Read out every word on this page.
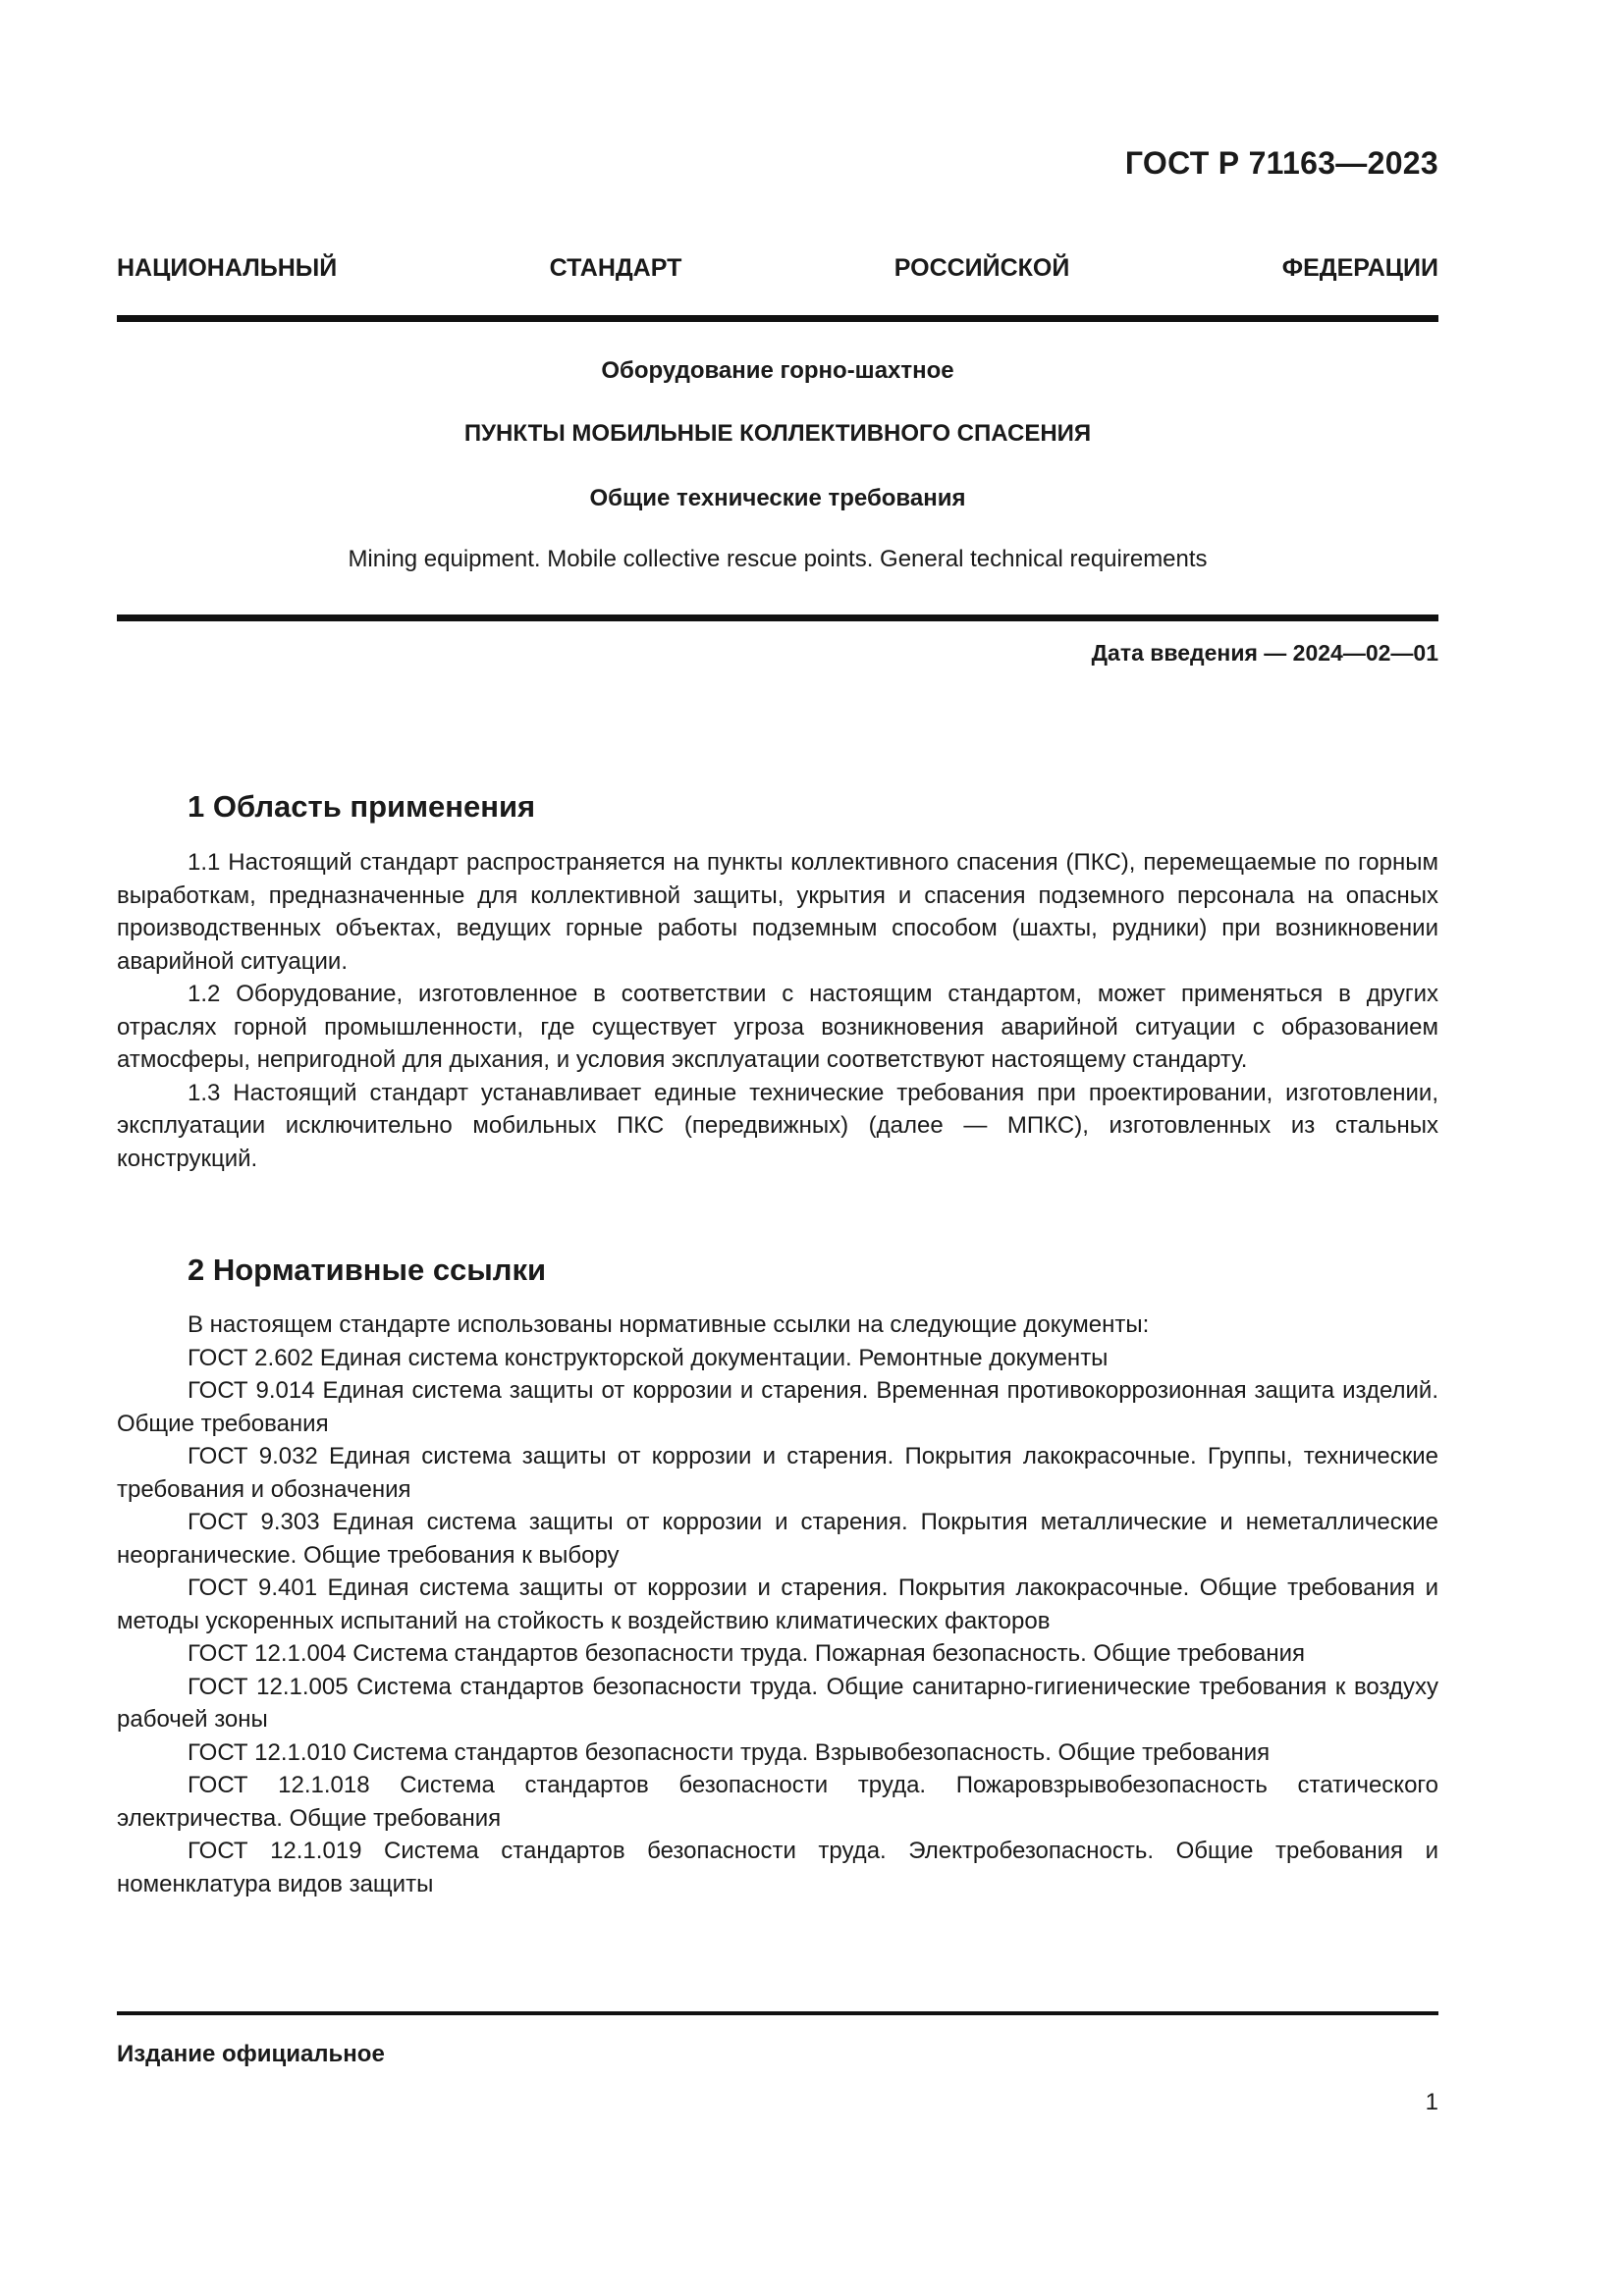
ГОСТ Р 71163—2023
НАЦИОНАЛЬНЫЙ СТАНДАРТ РОССИЙСКОЙ ФЕДЕРАЦИИ
Оборудование горно-шахтное
ПУНКТЫ МОБИЛЬНЫЕ КОЛЛЕКТИВНОГО СПАСЕНИЯ
Общие технические требования
Mining equipment. Mobile collective rescue points. General technical requirements
Дата введения — 2024—02—01
1 Область применения

1.1 Настоящий стандарт распространяется на пункты коллективного спасения (ПКС), перемещаемые по горным выработкам, предназначенные для коллективной защиты, укрытия и спасения подземного персонала на опасных производственных объектах, ведущих горные работы подземным способом (шахты, рудники) при возникновении аварийной ситуации.

1.2 Оборудование, изготовленное в соответствии с настоящим стандартом, может применяться в других отраслях горной промышленности, где существует угроза возникновения аварийной ситуации с образованием атмосферы, непригодной для дыхания, и условия эксплуатации соответствуют настоящему стандарту.

1.3 Настоящий стандарт устанавливает единые технические требования при проектировании, изготовлении, эксплуатации исключительно мобильных ПКС (передвижных) (далее — МПКС), изготовленных из стальных конструкций.

2 Нормативные ссылки

В настоящем стандарте использованы нормативные ссылки на следующие документы:

ГОСТ 2.602 Единая система конструкторской документации. Ремонтные документы

ГОСТ 9.014 Единая система защиты от коррозии и старения. Временная противокоррозионная защита изделий. Общие требования

ГОСТ 9.032 Единая система защиты от коррозии и старения. Покрытия лакокрасочные. Группы, технические требования и обозначения

ГОСТ 9.303 Единая система защиты от коррозии и старения. Покрытия металлические и неметаллические неорганические. Общие требования к выбору

ГОСТ 9.401 Единая система защиты от коррозии и старения. Покрытия лакокрасочные. Общие требования и методы ускоренных испытаний на стойкость к воздействию климатических факторов

ГОСТ 12.1.004 Система стандартов безопасности труда. Пожарная безопасность. Общие требования

ГОСТ 12.1.005 Система стандартов безопасности труда. Общие санитарно-гигиенические требования к воздуху рабочей зоны

ГОСТ 12.1.010 Система стандартов безопасности труда. Взрывобезопасность. Общие требования

ГОСТ 12.1.018 Система стандартов безопасности труда. Пожаровзрывобезопасность статического электричества. Общие требования

ГОСТ 12.1.019 Система стандартов безопасности труда. Электробезопасность. Общие требования и номенклатура видов защиты

Издание официальное
1
